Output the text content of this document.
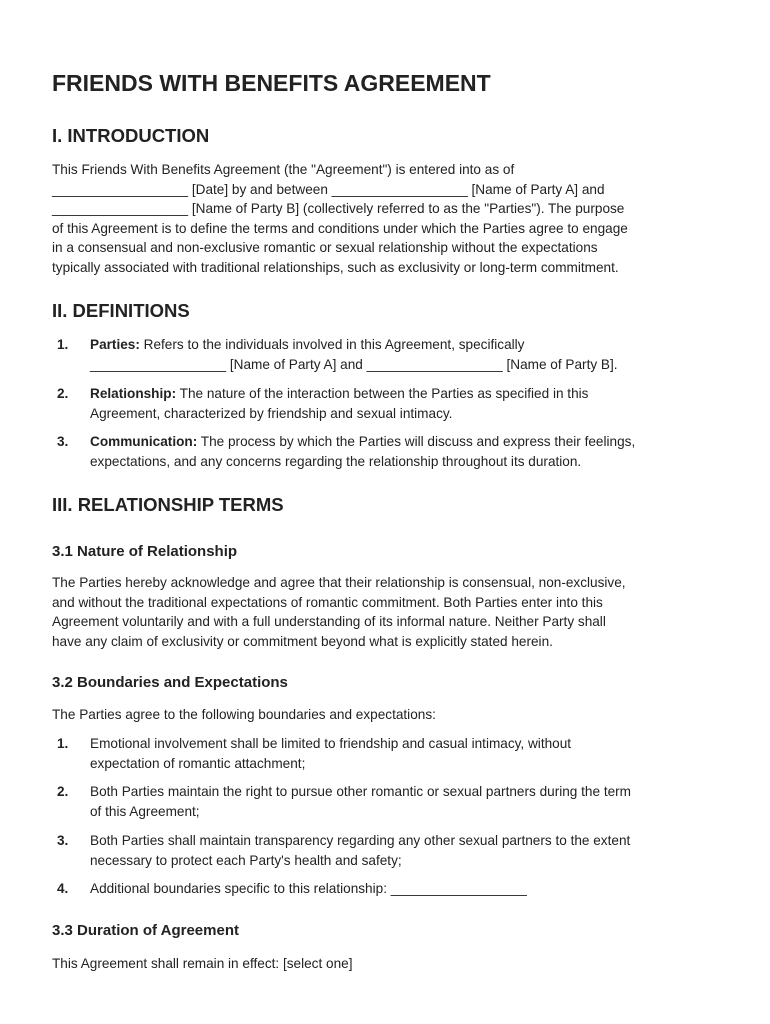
FRIENDS WITH BENEFITS AGREEMENT
I. INTRODUCTION
This Friends With Benefits Agreement (the "Agreement") is entered into as of
__________________ [Date] by and between __________________ [Name of Party A] and
__________________ [Name of Party B] (collectively referred to as the "Parties"). The purpose
of this Agreement is to define the terms and conditions under which the Parties agree to engage
in a consensual and non-exclusive romantic or sexual relationship without the expectations
typically associated with traditional relationships, such as exclusivity or long-term commitment.
II. DEFINITIONS
1. Parties: Refers to the individuals involved in this Agreement, specifically
__________________ [Name of Party A] and __________________ [Name of Party B].
2. Relationship: The nature of the interaction between the Parties as specified in this
Agreement, characterized by friendship and sexual intimacy.
3. Communication: The process by which the Parties will discuss and express their feelings,
expectations, and any concerns regarding the relationship throughout its duration.
III. RELATIONSHIP TERMS
3.1 Nature of Relationship
The Parties hereby acknowledge and agree that their relationship is consensual, non-exclusive,
and without the traditional expectations of romantic commitment. Both Parties enter into this
Agreement voluntarily and with a full understanding of its informal nature. Neither Party shall
have any claim of exclusivity or commitment beyond what is explicitly stated herein.
3.2 Boundaries and Expectations
The Parties agree to the following boundaries and expectations:
1. Emotional involvement shall be limited to friendship and casual intimacy, without
expectation of romantic attachment;
2. Both Parties maintain the right to pursue other romantic or sexual partners during the term
of this Agreement;
3. Both Parties shall maintain transparency regarding any other sexual partners to the extent
necessary to protect each Party's health and safety;
4. Additional boundaries specific to this relationship: __________________
3.3 Duration of Agreement
This Agreement shall remain in effect: [select one]
